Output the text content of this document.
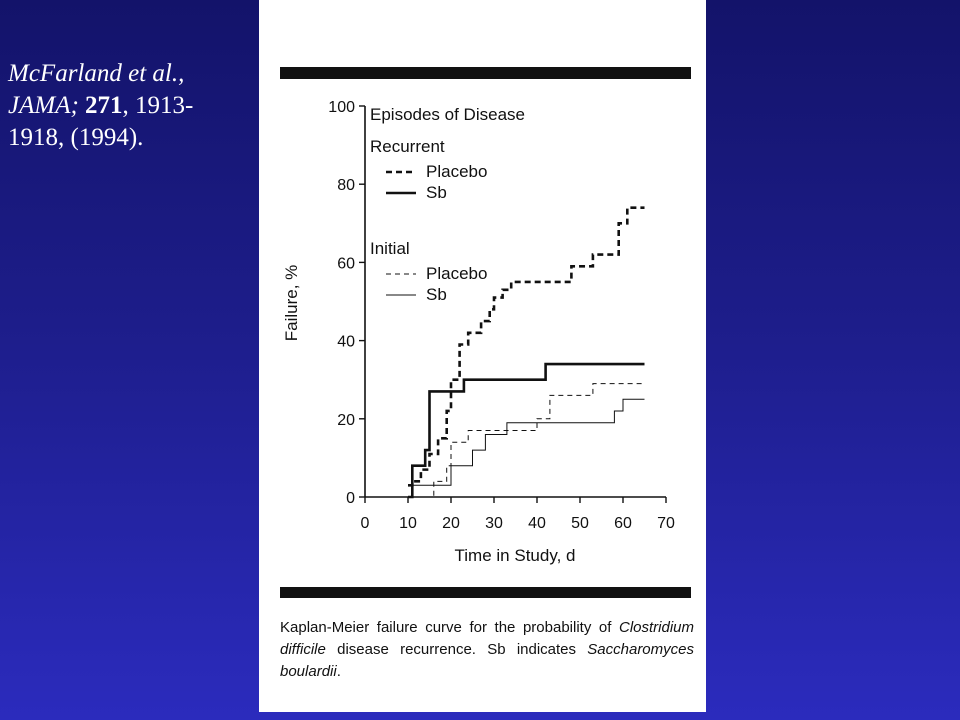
McFarland et al., JAMA; 271, 1913-1918, (1994).
0
20
40
60
80
100
0 10 20 30 40 50 60 70
Episodes of Disease
Recurrent
Placebo
Sb
Initial
Placebo
Sb
Failure, %
Time in Study, d
Kaplan-Meier failure curve for the probability of Clostridium difficile disease recurrence. Sb indicates Saccharomyces boulardii.
